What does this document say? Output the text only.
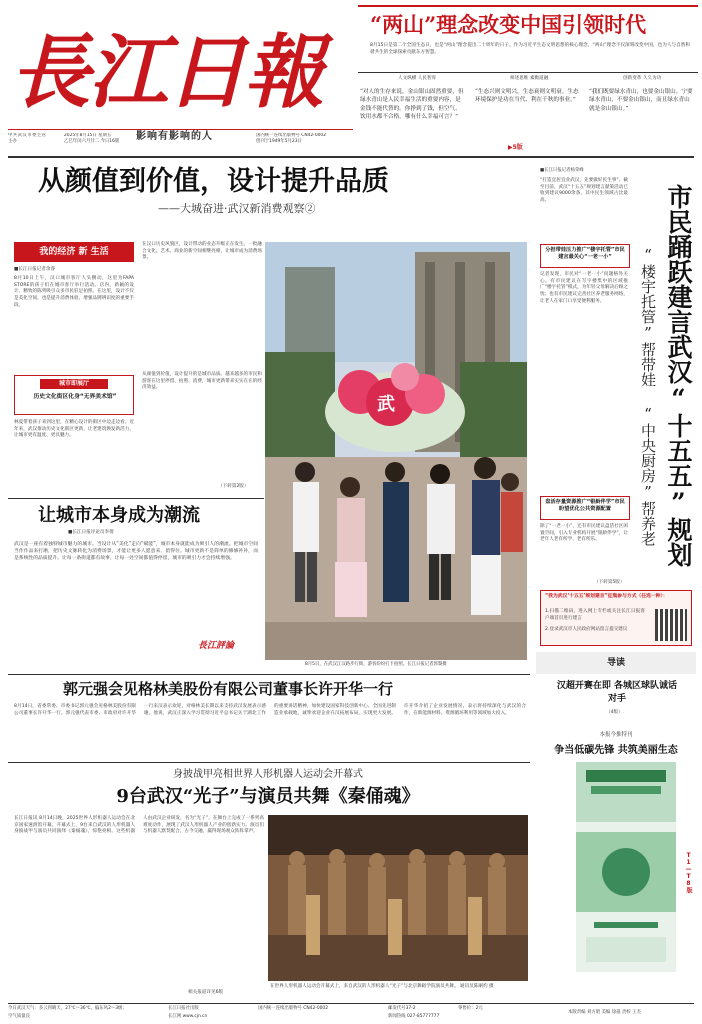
長江日報
中共武汉市委主管主办
2025年8月15日 星期五
乙巳年闰六月廿二 今日16版	影响有影响的人	国内统一连续出版物号 CN42-0002
创刊于1949年5月23日
“两山”理念改变中国引领时代
8月15日是第二个全国生态日，也是“两山”理念提出二十周年的日子。作为习近平生态文明思想的核心理念，“两山”理念不仅深刻改变中国，也为人与自然和谐共生的全球探索贡献东方智慧。
人文纵横 人民智库	师述思维 素衡道融	创新变革 久久为功
“对人的生存来说，金山银山固然重要，但绿水青山是人民幸福生活的重要内容，是金钱不能代替的。你挣到了钱，但空气、饮用水都不合格，哪有什么幸福可言？”
“生态兴则文明兴，生态衰则文明衰。生态环境保护是功在当代、利在千秋的事业。”
“我们既要绿水青山，也要金山银山。宁要绿水青山，不要金山银山，而且绿水青山就是金山银山。”
▶5版
从颜值到价值，设计提升品质
——大城奋进·武汉新消费观察②
我的经济 新 生活
■长江日报记者余睿
8月10日上午，汉口城市客厅人头攒动，这里为FAPA STORE的孩子们在城市客厅举行活动。店内，新颖的设计、精致的陈列吸引众多市民驻足拍照。在这里，设计不仅是美化空间，也是提升消费体验、增强品牌辨识度的重要手段。
城市即展厅
历史文化街区化身“无界美术馆”
林夏带着孩子来到这里，在精心设计的街区中边走边看。近年来，武汉推动历史文化街区更新，让老建筑焕发新活力，让城市更有温度、更具魅力。
在汉口历史风貌区，设计带动的业态升级正在发生。一批融合文化、艺术、商业的新空间相继亮相，让城市成为消费场景。
从颜值到价值，设计提升的是城市品质。越来越多的市民和游客在这里停留、拍照、消费，城市更新带来实实在在的经济效益。
（下转第2版）
武
8月5日，在武汉江汉路步行街，游客纷纷打卡拍照。长江日报记者郭黎摄
让城市本身成为潮流
■长江日报评论员李倩
武汉是一座有着独特城市魅力的城市。当设计从“美化”走向“赋能”，城市本身就能成为吸引人的潮流。把城市空间当作作品来打磨，把历史文脉转化为消费场景，才能让更多人愿意来、留得住。城市更新不是简单的修修补补，而是系统性的品质提升。让每一条街道都有故事，让每一处空间都值得停留，城市的吸引力才会持续增强。
長江評論
■长江日报记者杨荣峰
“打造宜居宜业武汉，先要做好民生事”。截至目前，武汉“十五五”规划建言献策活动已收到建议9000余条，其中民生领域占比最高。	市民踊跃建言武汉“十五五”规划
“楼宇托管”帮带娃 “中央厨房”帮养老
分担带娃压力推广“楼宇托管”市民建言最关心“一老一小”
记者发现，市民对“一老一小”问题格外关心。有市民建议在写字楼集中的区域推广“楼宇托管”模式，为年轻父母解决后顾之忧；也有市民建议完善社区养老服务网络，让老人在家门口享受便利服务。
盘活存量资源推广“银龄伴学”市民盼望优化公共资源配置
除了“一老一小”，还有市民建议盘活社区闲置空间，引入专业机构开展“银龄伴学”，让老年人老有所学、老有所乐。
（下转第5版）
“我为武汉‘十五五’规划建言”征集参与方式（任选一种）：
1.扫描二维码，进入网上专栏或关注长江日报客户端首页进行建言
2.登录武汉市人民政府网站留言提交建议
导读
汉超开赛在即 各城区球队诚话对手
（4版）
本报今推特刊
争当低碳先锋 共筑美丽生态
T1—T8版
郭元强会见格林美股份有限公司董事长许开华一行
8月14日，省委常委、市委书记郭元强会见格林美股份有限公司董事长许开华一行。郭元强代表市委、市政府对许开华一行来汉表示欢迎，对格林美长期以来支持武汉发展表示感谢。他说，武汉正深入学习贯彻习近平总书记关于湖北工作的重要讲话精神，加快建设国家科技创新中心、全国先进制造业承载地，诚挚欢迎企业在汉拓展布局，实现更大发展。许开华介绍了企业发展情况，表示将持续深化与武汉的合作，在新能源材料、资源循环利用等领域加大投入。
身披战甲亮相世界人形机器人运动会开幕式
9台武汉“光子”与演员共舞《秦俑魂》
长江日报讯 8月14日晚，2025世界人形机器人运动会在北京国家速滑馆开幕。开幕式上，9台来自武汉的人形机器人身披战甲与演员共同演绎《秦俑魂》，惊艳亮相。这些机器人由武汉企业研发，名为“光子”，在舞台上完成了一系列高难度动作，展现了武汉人形机器人产业的创新实力。演员们与机器人默契配合，古今交融，赢得现场观众阵阵掌声。
相关报道详见6版
在世界人形机器人运动会开幕式上，来自武汉的人形机器人“光子”与北京舞蹈学院演员共舞。 通讯员陈刷灼 摄
今日武汉天气：多云到晴天，27℃～36℃，偏东风2～3级；
空气质量良
长江日报社出版
长江网 www.cjn.cn
国内统一连续出版物号 CN42-0002	邮发代号37-2	零售价：2元
新闻热线 027-85777777
本版责编 刘方昭 美编 徐晟 责校 王杰
